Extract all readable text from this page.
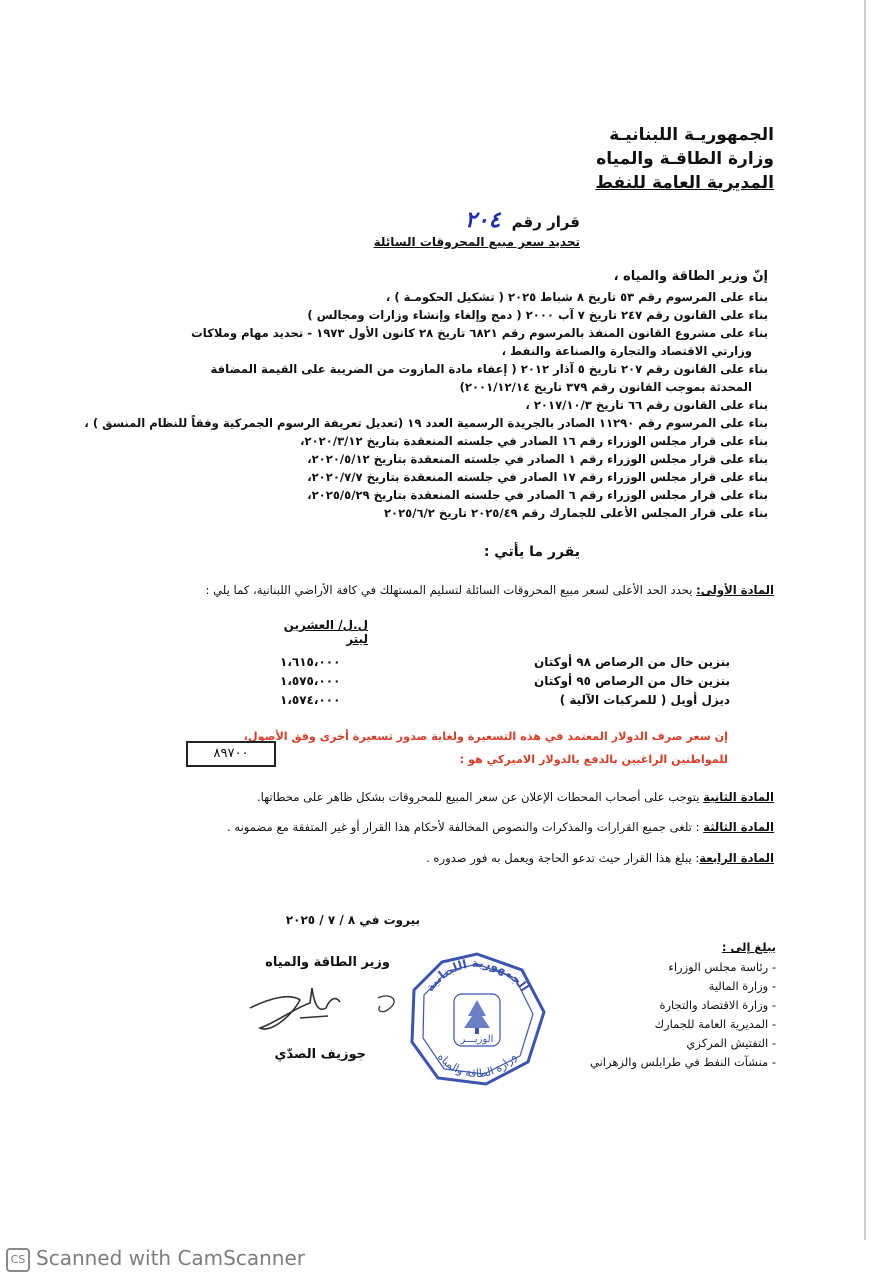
الجمهوريـة اللبنانيـة
وزارة الطاقـة والمياه
المديرية العامة للنفط
قرار رقم ٢٠٤
تحديد سعر مبيع المحروقات السائلة
إنّ وزير الطاقة والمياه ،
بناء على المرسوم رقم ٥٣ تاريخ ٨ شباط ٢٠٢٥ ( تشكيل الحكومـة ) ،
بناء على القانون رقم ٢٤٧ تاريخ ٧ آب ٢٠٠٠ ( دمج وإلغاء وإنشاء وزارات ومجالس )
بناء على مشروع القانون المنفذ بالمرسوم رقم ٦٨٢١ تاريخ ٢٨ كانون الأول ١٩٧٣ - تحديد مهام وملاكات
وزارتي الاقتصاد والتجارة والصناعة والنفط ،
بناء على القانون رقم ٢٠٧ تاريخ ٥ آذار ٢٠١٢ ( إعفاء مادة المازوت من الضريبة على القيمة المضافة
المحدثة بموجب القانون رقم ٣٧٩ تاريخ ٢٠٠١/١٢/١٤)
بناء على القانون رقم ٦٦ تاريخ ٢٠١٧/١٠/٣ ،
بناء على المرسوم رقم ١١٢٩٠ الصادر بالجريدة الرسمية العدد ١٩ (تعديل تعريفة الرسوم الجمركية وفقاً للنظام المنسق ) ،
بناء على قرار مجلس الوزراء رقم ١٦ الصادر في جلسته المنعقدة بتاريخ ٢٠٢٠/٣/١٢،
بناء على قرار مجلس الوزراء رقم ١ الصادر في جلسته المنعقدة بتاريخ ٢٠٢٠/٥/١٢،
بناء على قرار مجلس الوزراء رقم ١٧ الصادر في جلسته المنعقدة بتاريخ ٢٠٢٠/٧/٧،
بناء على قرار مجلس الوزراء رقم ٦ الصادر في جلسته المنعقدة بتاريخ ٢٠٢٥/٥/٢٩،
بناء على قرار المجلس الأعلى للجمارك رقم ٢٠٢٥/٤٩ تاريخ ٢٠٢٥/٦/٢
يقرر ما يأتي :
المادة الأولى: يحدد الحد الأعلى لسعر مبيع المحروقات السائلة لتسليم المستهلك في كافة الأراضي اللبنانية، كما يلي :
ل.ل/ العشرين ليتر
بنزين خال من الرصاص ٩٨ أوكتان
١،٦١٥،٠٠٠
بنزين خال من الرصاص ٩٥ أوكتان
١،٥٧٥،٠٠٠
ديزل أويل ( للمركبات الآلية )
١،٥٧٤،٠٠٠
إن سعر صرف الدولار المعتمد في هذه التسعيرة ولغاية صدور تسعيرة أخرى وفق الأصول،
للمواطنين الراغبين بالدفع بالدولار الاميركي هو :
٨٩٧٠٠
المادة الثانية يتوجب على أصحاب المحطات الإعلان عن سعر المبيع للمحروقات بشكل ظاهر على محطاتها.
المادة الثالثة : تلغى جميع القرارات والمذكرات والنصوص المخالفة لأحكام هذا القرار أو غير المتفقة مع مضمونه .
المادة الرابعة: يبلغ هذا القرار حيث تدعو الحاجة ويعمل به فور صدوره .
بيروت في ٨ / ٧ / ٢٠٢٥
وزير الطاقة والمياه
جوزيف الصدّي
الجمهورية اللبنانية
الوزيـــر
وزارة الطاقة والمياه
يبلغ إلى :
- رئاسة مجلس الوزراء
- وزارة المالية
- وزارة الاقتصاد والتجارة
- المديرية العامة للجمارك
- التفتيش المركزي
- منشآت النفط في طرابلس والزهراني
CS Scanned with CamScanner
